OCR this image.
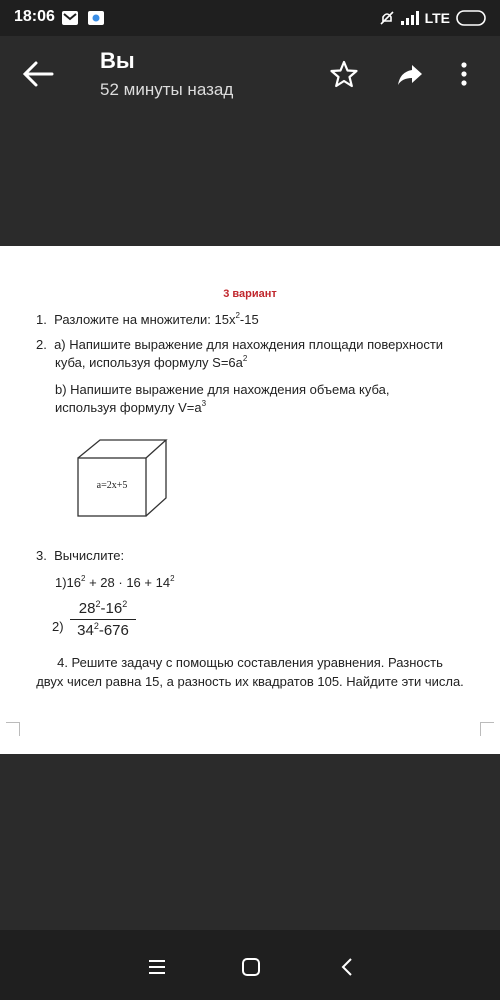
18:06	LTE
Вы
52 минуты назад
3 вариант
1. Разложите на множители: $15x^2-15$
2. a) Напишите выражение для нахождения площади поверхности
куба, используя формулу $S=6a^2$
b) Напишите выражение для нахождения объема куба,
используя формулу $V=a^3$
a=2x+5
3. Вычислите:
$1)16^2 + 28 \cdot 16 + 14^2$
$2) \frac{28^2-16^2}{34^2-676}$
4. Решите задачу с помощью составления уравнения. Разность
двух чисел равна 15, а разность их квадратов 105. Найдите эти числа.
